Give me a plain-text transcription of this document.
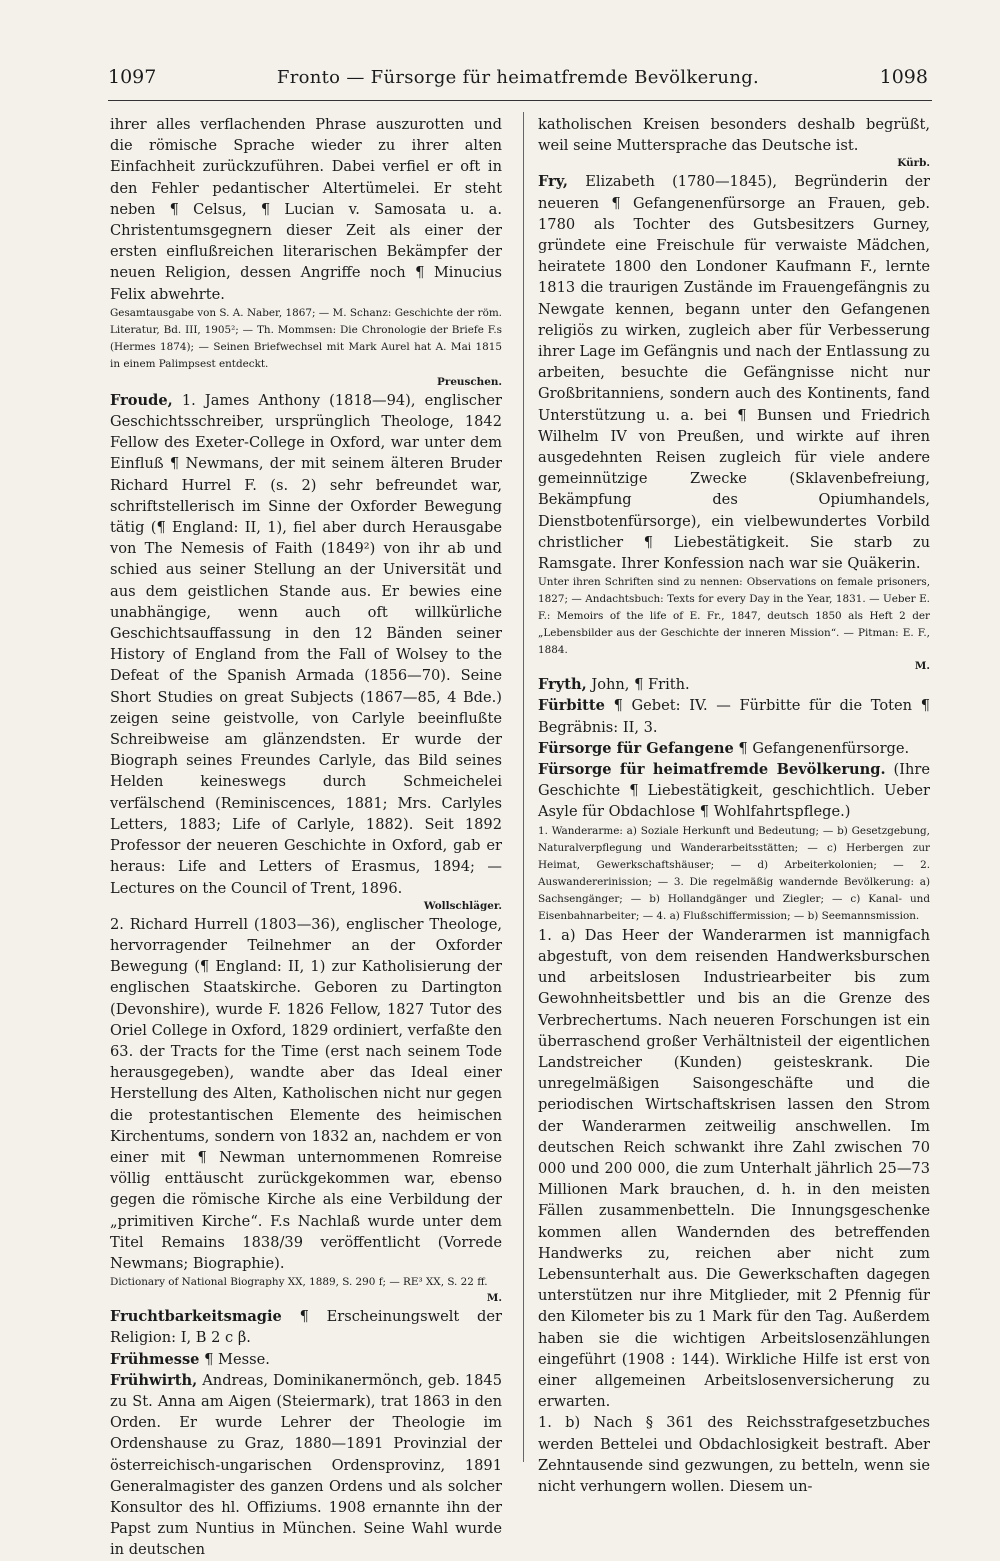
1097	Fronto — Fürsorge für heimatfremde Bevölkerung.	1098

ihrer alles verflachenden Phrase auszurotten und die römische Sprache wieder zu ihrer alten Einfachheit zurückzuführen. Dabei verfiel er oft in den Fehler pedantischer Altertümelei. Er steht neben ¶ Celsus, ¶ Lucian v. Samosata u. a. Christentumsgegnern dieser Zeit als einer der ersten einflußreichen literarischen Bekämpfer der neuen Religion, dessen Angriffe noch ¶ Minucius Felix abwehrte.

Gesamtausgabe von S. A. Naber, 1867; — M. Schanz: Geschichte der röm. Literatur, Bd. III, 1905²; — Th. Mommsen: Die Chronologie der Briefe F.s (Hermes 1874); — Seinen Briefwechsel mit Mark Aurel hat A. Mai 1815 in einem Palimpsest entdeckt.

Preuschen.

Froude, 1. James Anthony (1818—94), englischer Geschichtsschreiber, ursprünglich Theologe, 1842 Fellow des Exeter-College in Oxford, war unter dem Einfluß ¶ Newmans, der mit seinem älteren Bruder Richard Hurrel F. (s. 2) sehr befreundet war, schriftstellerisch im Sinne der Oxforder Bewegung tätig (¶ England: II, 1), fiel aber durch Herausgabe von The Nemesis of Faith (1849²) von ihr ab und schied aus seiner Stellung an der Universität und aus dem geistlichen Stande aus. Er bewies eine unabhängige, wenn auch oft willkürliche Geschichtsauffassung in den 12 Bänden seiner History of England from the Fall of Wolsey to the Defeat of the Spanish Armada (1856—70). Seine Short Studies on great Subjects (1867—85, 4 Bde.) zeigen seine geistvolle, von Carlyle beeinflußte Schreibweise am glänzendsten. Er wurde der Biograph seines Freundes Carlyle, das Bild seines Helden keineswegs durch Schmeichelei verfälschend (Reminiscences, 1881; Mrs. Carlyles Letters, 1883; Life of Carlyle, 1882). Seit 1892 Professor der neueren Geschichte in Oxford, gab er heraus: Life and Letters of Erasmus, 1894; — Lectures on the Council of Trent, 1896.

Wollschläger.

2. Richard Hurrell (1803—36), englischer Theologe, hervorragender Teilnehmer an der Oxforder Bewegung (¶ England: II, 1) zur Katholisierung der englischen Staatskirche. Geboren zu Dartington (Devonshire), wurde F. 1826 Fellow, 1827 Tutor des Oriel College in Oxford, 1829 ordiniert, verfaßte den 63. der Tracts for the Time (erst nach seinem Tode herausgegeben), wandte aber das Ideal einer Herstellung des Alten, Katholischen nicht nur gegen die protestantischen Elemente des heimischen Kirchentums, sondern von 1832 an, nachdem er von einer mit ¶ Newman unternommenen Romreise völlig enttäuscht zurückgekommen war, ebenso gegen die römische Kirche als eine Verbildung der „primitiven Kirche“. F.s Nachlaß wurde unter dem Titel Remains 1838/39 veröffentlicht (Vorrede Newmans; Biographie).

Dictionary of National Biography XX, 1889, S. 290 f; — RE³ XX, S. 22 ff.

M.

Fruchtbarkeitsmagie ¶ Erscheinungswelt der Religion: I, B 2 c β.

Frühmesse ¶ Messe.

Frühwirth, Andreas, Dominikanermönch, geb. 1845 zu St. Anna am Aigen (Steiermark), trat 1863 in den Orden. Er wurde Lehrer der Theologie im Ordenshause zu Graz, 1880—1891 Provinzial der österreichisch-ungarischen Ordensprovinz, 1891 Generalmagister des ganzen Ordens und als solcher Konsultor des hl. Offiziums. 1908 ernannte ihn der Papst zum Nuntius in München. Seine Wahl wurde in deutschen

katholischen Kreisen besonders deshalb begrüßt, weil seine Muttersprache das Deutsche ist.

Kürb.

Fry, Elizabeth (1780—1845), Begründerin der neueren ¶ Gefangenenfürsorge an Frauen, geb. 1780 als Tochter des Gutsbesitzers Gurney, gründete eine Freischule für verwaiste Mädchen, heiratete 1800 den Londoner Kaufmann F., lernte 1813 die traurigen Zustände im Frauengefängnis zu Newgate kennen, begann unter den Gefangenen religiös zu wirken, zugleich aber für Verbesserung ihrer Lage im Gefängnis und nach der Entlassung zu arbeiten, besuchte die Gefängnisse nicht nur Großbritanniens, sondern auch des Kontinents, fand Unterstützung u. a. bei ¶ Bunsen und Friedrich Wilhelm IV von Preußen, und wirkte auf ihren ausgedehnten Reisen zugleich für viele andere gemeinnützige Zwecke (Sklavenbefreiung, Bekämpfung des Opiumhandels, Dienstbotenfürsorge), ein vielbewundertes Vorbild christlicher ¶ Liebestätigkeit. Sie starb zu Ramsgate. Ihrer Konfession nach war sie Quäkerin.

Unter ihren Schriften sind zu nennen: Observations on female prisoners, 1827; — Andachtsbuch: Texts for every Day in the Year, 1831. — Ueber E. F.: Memoirs of the life of E. Fr., 1847, deutsch 1850 als Heft 2 der „Lebensbilder aus der Geschichte der inneren Mission“. — Pitman: E. F., 1884.

M.

Fryth, John, ¶ Frith.

Fürbitte ¶ Gebet: IV. — Fürbitte für die Toten ¶ Begräbnis: II, 3.

Fürsorge für Gefangene ¶ Gefangenenfürsorge.

Fürsorge für heimatfremde Bevölkerung. (Ihre Geschichte ¶ Liebestätigkeit, geschichtlich. Ueber Asyle für Obdachlose ¶ Wohlfahrtspflege.)

1. Wanderarme: a) Soziale Herkunft und Bedeutung; — b) Gesetzgebung, Naturalverpflegung und Wanderarbeitsstätten; — c) Herbergen zur Heimat, Gewerkschaftshäuser; — d) Arbeiterkolonien; — 2. Auswandererinission; — 3. Die regelmäßig wandernde Bevölkerung: a) Sachsengänger; — b) Hollandgänger und Ziegler; — c) Kanal- und Eisenbahnarbeiter; — 4. a) Flußschiffermission; — b) Seemannsmission.

1. a) Das Heer der Wanderarmen ist mannigfach abgestuft, von dem reisenden Handwerksburschen und arbeitslosen Industriearbeiter bis zum Gewohnheitsbettler und bis an die Grenze des Verbrechertums. Nach neueren Forschungen ist ein überraschend großer Verhältnisteil der eigentlichen Landstreicher (Kunden) geisteskrank. Die unregelmäßigen Saisongeschäfte und die periodischen Wirtschaftskrisen lassen den Strom der Wanderarmen zeitweilig anschwellen. Im deutschen Reich schwankt ihre Zahl zwischen 70 000 und 200 000, die zum Unterhalt jährlich 25—73 Millionen Mark brauchen, d. h. in den meisten Fällen zusammenbetteln. Die Innungsgeschenke kommen allen Wandernden des betreffenden Handwerks zu, reichen aber nicht zum Lebensunterhalt aus. Die Gewerkschaften dagegen unterstützen nur ihre Mitglieder, mit 2 Pfennig für den Kilometer bis zu 1 Mark für den Tag. Außerdem haben sie die wichtigen Arbeitslosenzählungen eingeführt (1908 : 144). Wirkliche Hilfe ist erst von einer allgemeinen Arbeitslosenversicherung zu erwarten.

1. b) Nach § 361 des Reichsstrafgesetzbuches werden Bettelei und Obdachlosigkeit bestraft. Aber Zehntausende sind gezwungen, zu betteln, wenn sie nicht verhungern wollen. Diesem un-
